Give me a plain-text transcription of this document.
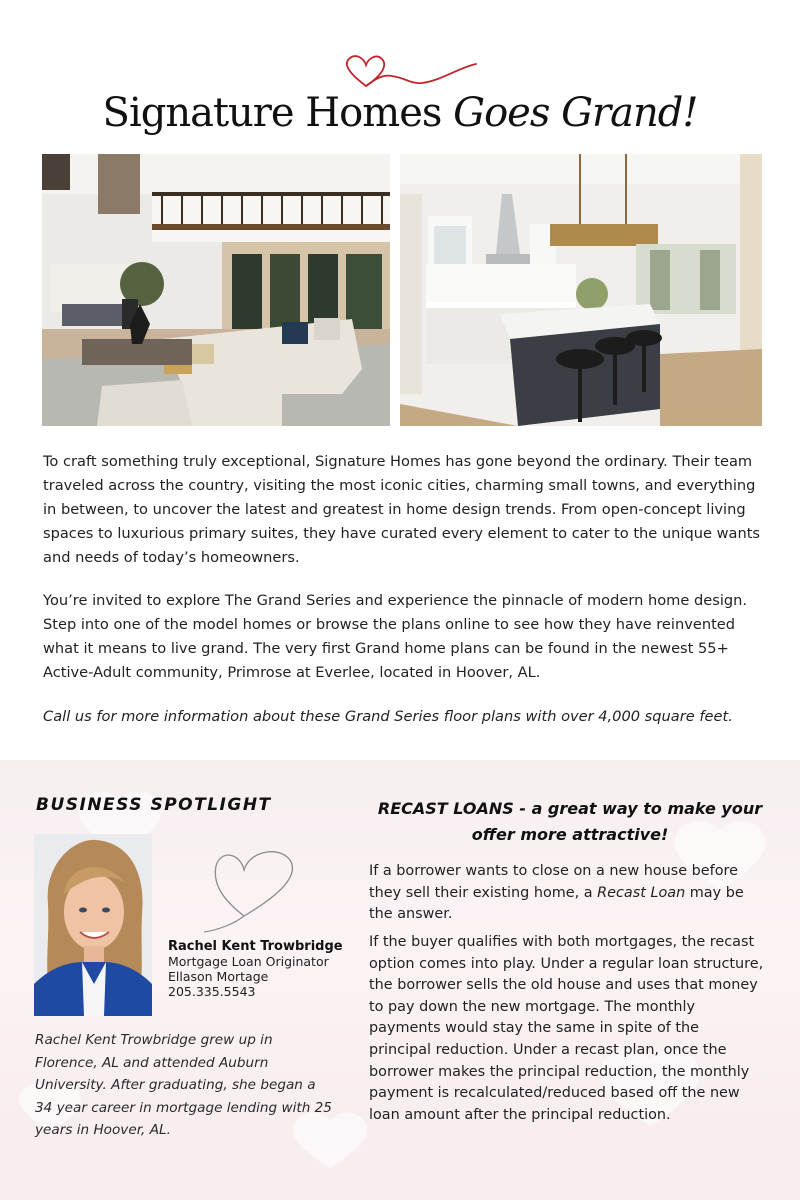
Signature Homes Goes Grand!

To craft something truly exceptional, Signature Homes has gone beyond the ordinary. Their team traveled across the country, visiting the most iconic cities, charming small towns, and everything in between, to uncover the latest and greatest in home design trends. From open-concept living spaces to luxurious primary suites, they have curated every element to cater to the unique wants and needs of today’s homeowners.

You’re invited to explore The Grand Series and experience the pinnacle of modern home design. Step into one of the model homes or browse the plans online to see how they have reinvented what it means to live grand. The very first Grand home plans can be found in the newest 55+ Active-Adult community, Primrose at Everlee, located in Hoover, AL.

Call us for more information about these Grand Series floor plans with over 4,000 square feet.

BUSINESS SPOTLIGHT
Rachel Kent Trowbridge
Mortgage Loan Originator
Ellason Mortage
205.335.5543

Rachel Kent Trowbridge grew up in Florence, AL and attended Auburn University. After graduating, she began a 34 year career in mortgage lending with 25 years in Hoover, AL.

RECAST LOANS - a great way to make your offer more attractive!

If a borrower wants to close on a new house before they sell their existing home, a Recast Loan may be the answer.

If the buyer qualifies with both mortgages, the recast option comes into play. Under a regular loan structure, the borrower sells the old house and uses that money to pay down the new mortgage. The monthly payments would stay the same in spite of the principal reduction. Under a recast plan, once the borrower makes the principal reduction, the monthly payment is recalculated/reduced based off the new loan amount after the principal reduction.
